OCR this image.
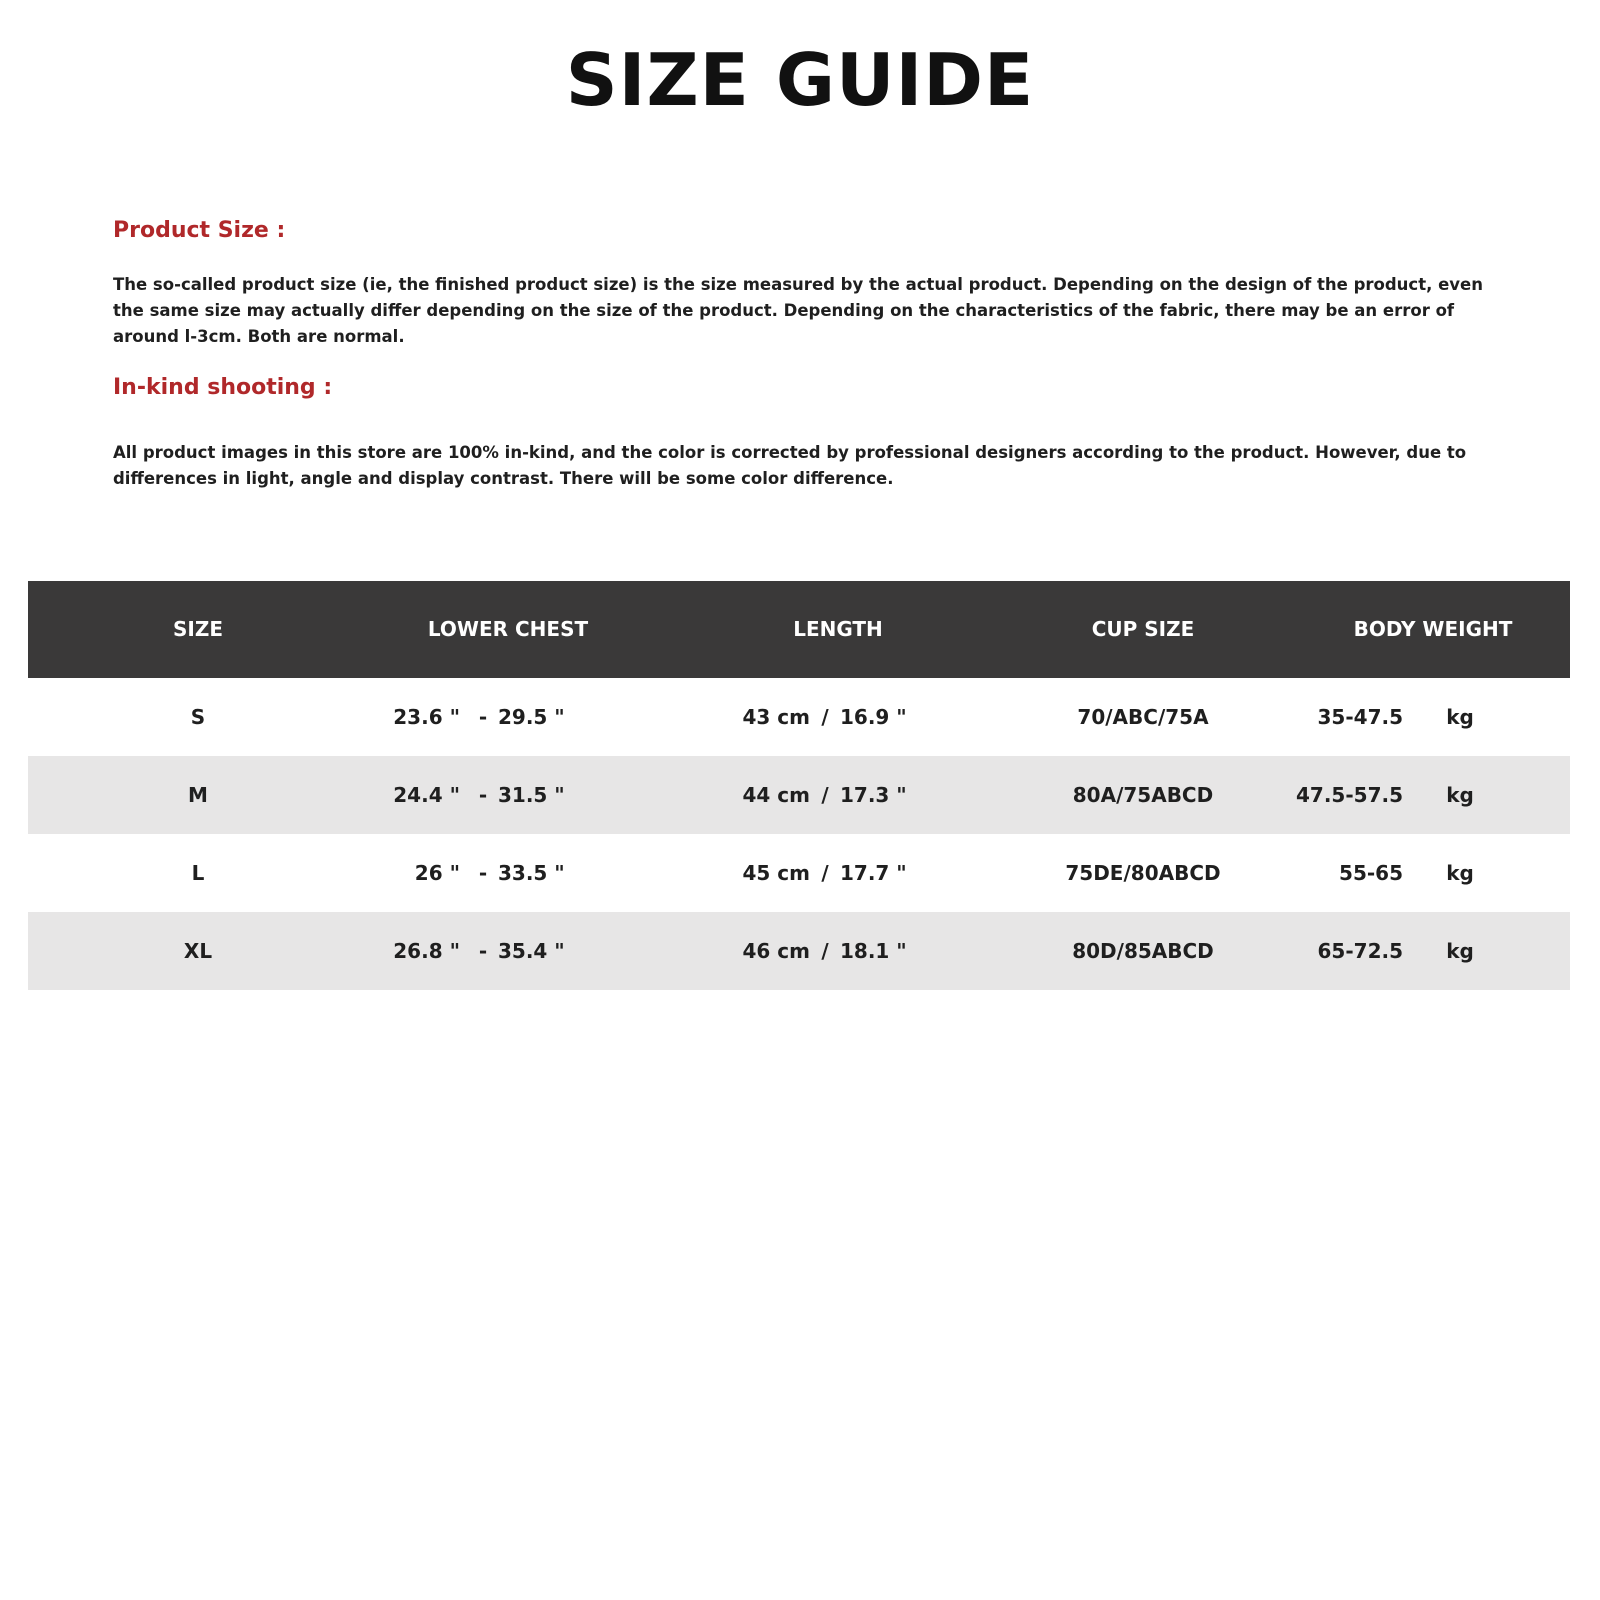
SIZE GUIDE
Product Size :

The so-called product size (ie, the finished product size) is the size measured by the actual product. Depending on the design of the product, even the same size may actually differ depending on the size of the product. Depending on the characteristics of the fabric, there may be an error of around l-3cm. Both are normal.

In-kind shooting :

All product images in this store are 100% in-kind, and the color is corrected by professional designers according to the product. However, due to differences in light, angle and display contrast. There will be some color difference.

SIZE	LOWER CHEST	LENGTH	CUP SIZE	BODY WEIGHT
S	23.6 " - 29.5 "	43 cm / 16.9 "	70/ABC/75A	35-47.5	kg
M	24.4 " - 31.5 "	44 cm / 17.3 "	80A/75ABCD	47.5-57.5	kg
L	26 " - 33.5 "	45 cm / 17.7 "	75DE/80ABCD	55-65	kg
XL	26.8 " - 35.4 "	46 cm / 18.1 "	80D/85ABCD	65-72.5	kg
